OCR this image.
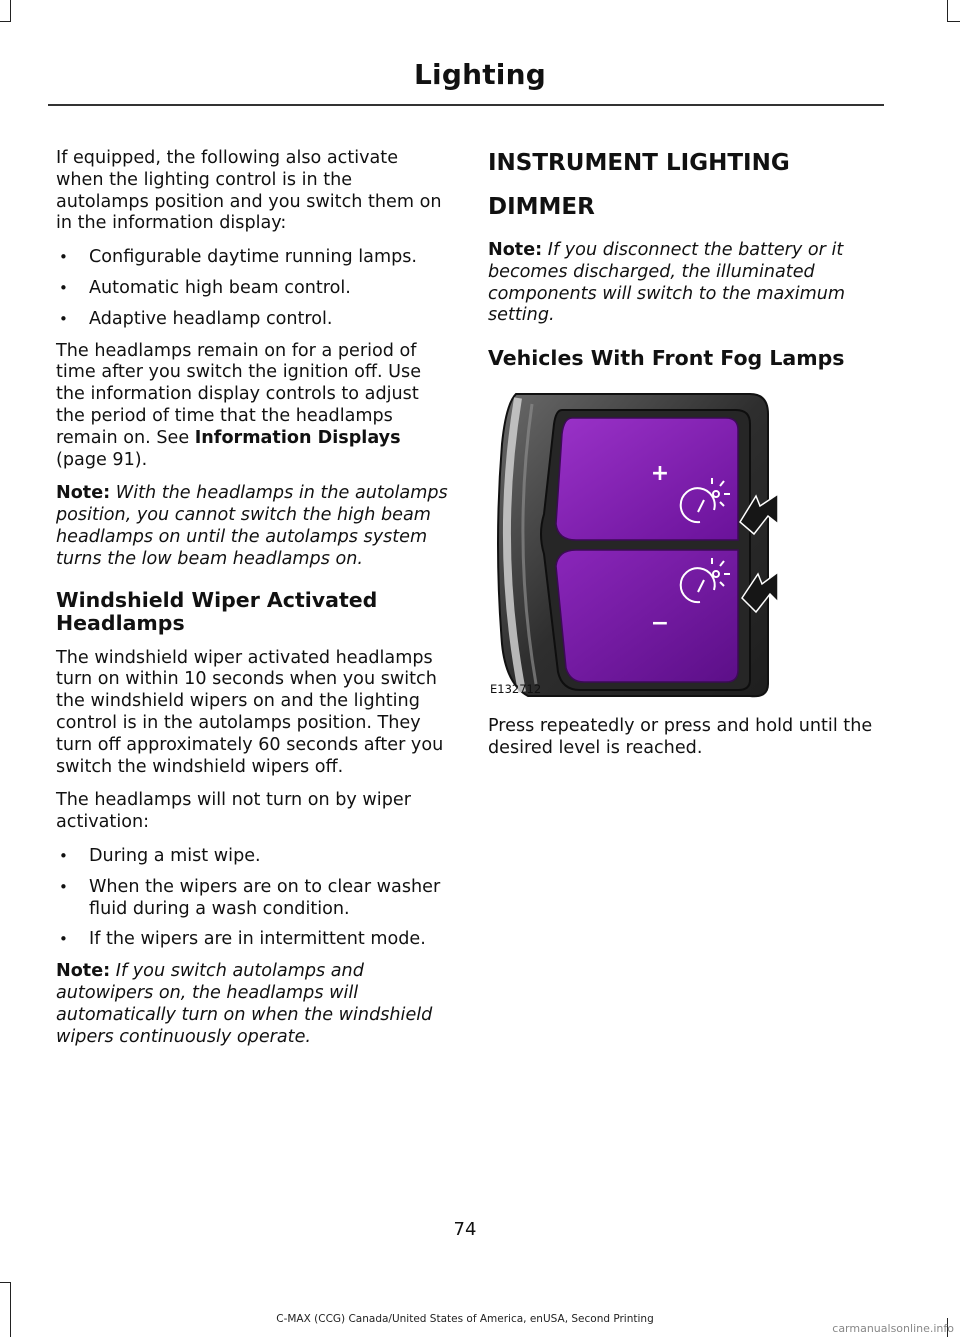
Lighting

If equipped, the following also activate when the lighting control is in the autolamps position and you switch them on in the information display:

• Configurable daytime running lamps.
• Automatic high beam control.
• Adaptive headlamp control.

The headlamps remain on for a period of time after you switch the ignition off. Use the information display controls to adjust the period of time that the headlamps remain on. See Information Displays (page 91).

Note: With the headlamps in the autolamps position, you cannot switch the high beam headlamps on until the autolamps system turns the low beam headlamps on.

Windshield Wiper Activated Headlamps

The windshield wiper activated headlamps turn on within 10 seconds when you switch the windshield wipers on and the lighting control is in the autolamps position. They turn off approximately 60 seconds after you switch the windshield wipers off.

The headlamps will not turn on by wiper activation:

• During a mist wipe.
• When the wipers are on to clear washer fluid during a wash condition.
• If the wipers are in intermittent mode.

Note: If you switch autolamps and autowipers on, the headlamps will automatically turn on when the windshield wipers continuously operate.

INSTRUMENT LIGHTING
DIMMER

Note: If you disconnect the battery or it becomes discharged, the illuminated components will switch to the maximum setting.

Vehicles With Front Fog Lamps
+
−
E132712

Press repeatedly or press and hold until the desired level is reached.

74
C-MAX (CCG) Canada/United States of America, enUSA, Second Printing
carmanualsonline.info
